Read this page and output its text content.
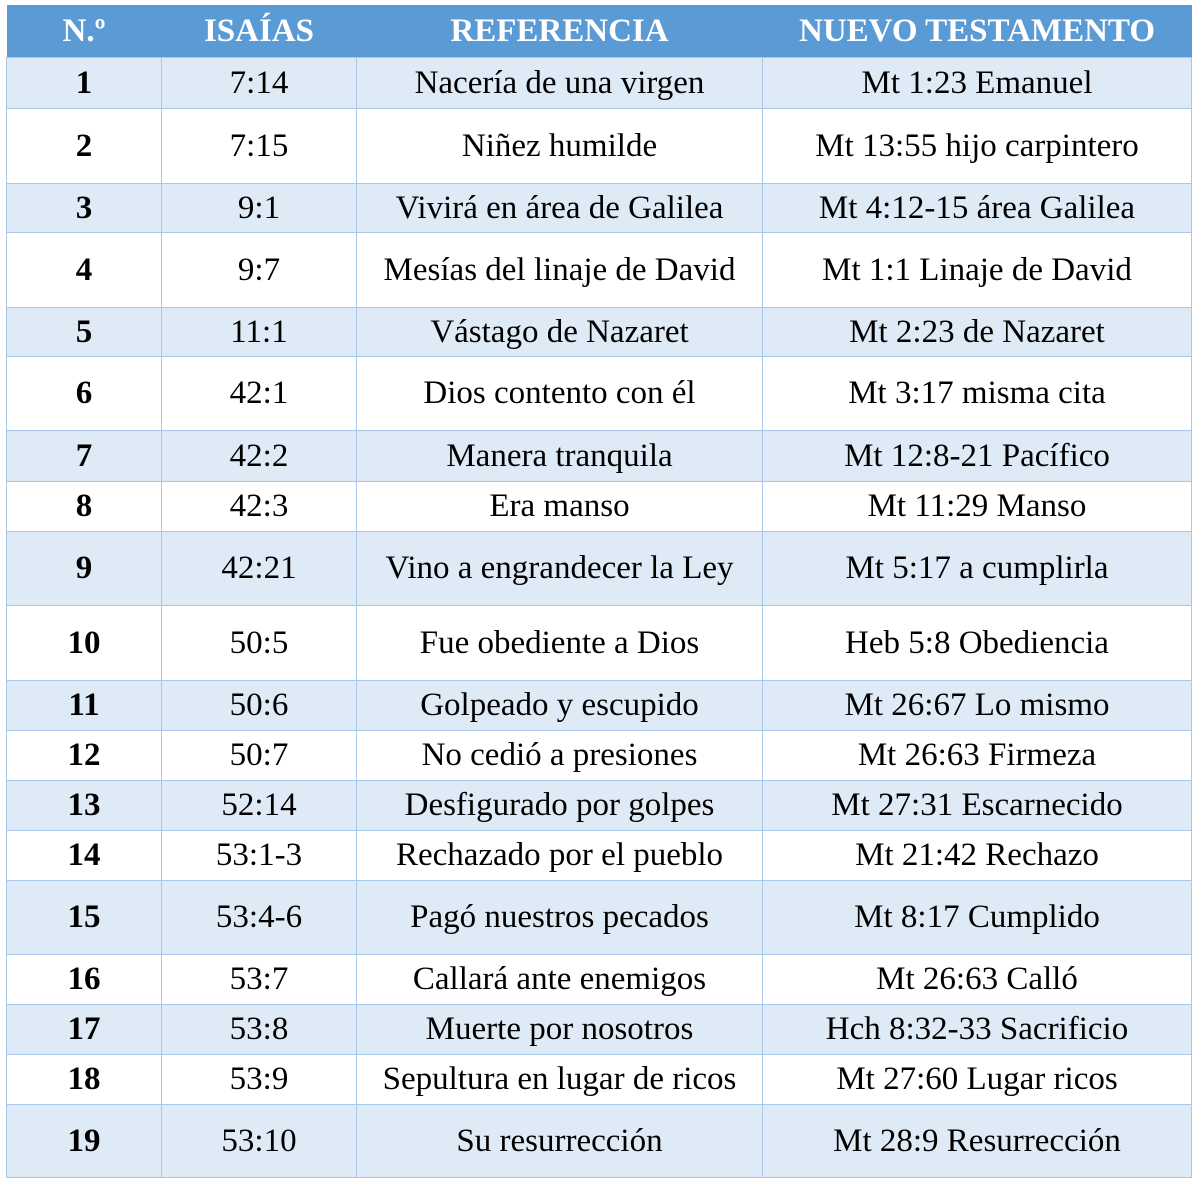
N.º	ISAÍAS	REFERENCIA	NUEVO TESTAMENTO
1	7:14	Nacería de una virgen	Mt 1:23 Emanuel
2	7:15	Niñez humilde	Mt 13:55 hijo carpintero
3	9:1	Vivirá en área de Galilea	Mt 4:12-15 área Galilea
4	9:7	Mesías del linaje de David	Mt 1:1 Linaje de David
5	11:1	Vástago de Nazaret	Mt 2:23 de Nazaret
6	42:1	Dios contento con él	Mt 3:17 misma cita
7	42:2	Manera tranquila	Mt 12:8-21 Pacífico
8	42:3	Era manso	Mt 11:29 Manso
9	42:21	Vino a engrandecer la Ley	Mt 5:17 a cumplirla
10	50:5	Fue obediente a Dios	Heb 5:8 Obediencia
11	50:6	Golpeado y escupido	Mt 26:67 Lo mismo
12	50:7	No cedió a presiones	Mt 26:63 Firmeza
13	52:14	Desfigurado por golpes	Mt 27:31 Escarnecido
14	53:1-3	Rechazado por el pueblo	Mt 21:42 Rechazo
15	53:4-6	Pagó nuestros pecados	Mt 8:17 Cumplido
16	53:7	Callará ante enemigos	Mt 26:63 Calló
17	53:8	Muerte por nosotros	Hch 8:32-33 Sacrificio
18	53:9	Sepultura en lugar de ricos	Mt 27:60 Lugar ricos
19	53:10	Su resurrección	Mt 28:9 Resurrección
